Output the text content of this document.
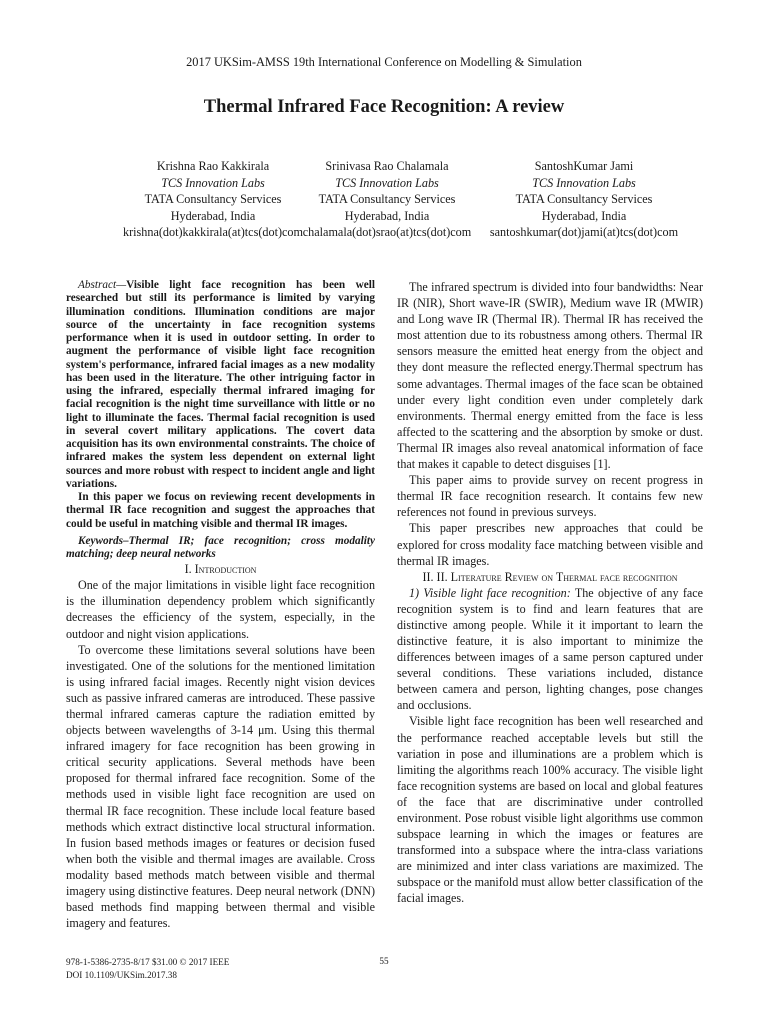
2017 UKSim-AMSS 19th International Conference on Modelling & Simulation
Thermal Infrared Face Recognition: A review
Krishna Rao Kakkirala
TCS Innovation Labs
TATA Consultancy Services
Hyderabad, India
krishna(dot)kakkirala(at)tcs(dot)com
Srinivasa Rao Chalamala
TCS Innovation Labs
TATA Consultancy Services
Hyderabad, India
chalamala(dot)srao(at)tcs(dot)com
SantoshKumar Jami
TCS Innovation Labs
TATA Consultancy Services
Hyderabad, India
santoshkumar(dot)jami(at)tcs(dot)com

Abstract—Visible light face recognition has been well researched but still its performance is limited by varying illumination conditions. Illumination conditions are major source of the uncertainty in face recognition systems performance when it is used in outdoor setting. In order to augment the performance of visible light face recognition system's performance, infrared facial images as a new modality has been used in the literature. The other intriguing factor in using the infrared, especially thermal infrared imaging for facial recognition is the night time surveillance with little or no light to illuminate the faces. Thermal facial recognition is used in several covert military applications. The covert data acquisition has its own environmental constraints. The choice of infrared makes the system less dependent on external light sources and more robust with respect to incident angle and light variations.

In this paper we focus on reviewing recent developments in thermal IR face recognition and suggest the approaches that could be useful in matching visible and thermal IR images.

Keywords–Thermal IR; face recognition; cross modality matching; deep neural networks

I. Introduction

One of the major limitations in visible light face recognition is the illumination dependency problem which significantly decreases the efficiency of the system, especially, in the outdoor and night vision applications.

To overcome these limitations several solutions have been investigated. One of the solutions for the mentioned limitation is using infrared facial images. Recently night vision devices such as passive infrared cameras are introduced. These passive thermal infrared cameras capture the radiation emitted by objects between wavelengths of 3-14 μm. Using this thermal infrared imagery for face recognition has been growing in critical security applications. Several methods have been proposed for thermal infrared face recognition. Some of the methods used in visible light face recognition are used on thermal IR face recognition. These include local feature based methods which extract distinctive local structural information. In fusion based methods images or features or decision fused when both the visible and thermal images are available. Cross modality based methods match between visible and thermal imagery using distinctive features. Deep neural network (DNN) based methods find mapping between thermal and visible imagery and features.

The infrared spectrum is divided into four bandwidths: Near IR (NIR), Short wave-IR (SWIR), Medium wave IR (MWIR) and Long wave IR (Thermal IR). Thermal IR has received the most attention due to its robustness among others. Thermal IR sensors measure the emitted heat energy from the object and they dont measure the reflected energy.Thermal spectrum has some advantages. Thermal images of the face scan be obtained under every light condition even under completely dark environments. Thermal energy emitted from the face is less affected to the scattering and the absorption by smoke or dust. Thermal IR images also reveal anatomical information of face that makes it capable to detect disguises [1].

This paper aims to provide survey on recent progress in thermal IR face recognition research. It contains few new references not found in previous surveys.

This paper prescribes new approaches that could be explored for cross modality face matching between visible and thermal IR images.

II. II. Literature Review on Thermal face recognition

1) Visible light face recognition: The objective of any face recognition system is to find and learn features that are distinctive among people. While it it important to learn the distinctive feature, it is also important to minimize the differences between images of a same person captured under several conditions. These variations included, distance between camera and person, lighting changes, pose changes and occlusions.

Visible light face recognition has been well researched and the performance reached acceptable levels but still the variation in pose and illuminations are a problem which is limiting the algorithms reach 100% accuracy. The visible light face recognition systems are based on local and global features of the face that are discriminative under controlled environment. Pose robust visible light algorithms use common subspace learning in which the images or features are transformed into a subspace where the intra-class variations are minimized and inter class variations are maximized. The subspace or the manifold must allow better classification of the facial images.

978-1-5386-2735-8/17 $31.00 © 2017 IEEE
DOI 10.1109/UKSim.2017.38
55
